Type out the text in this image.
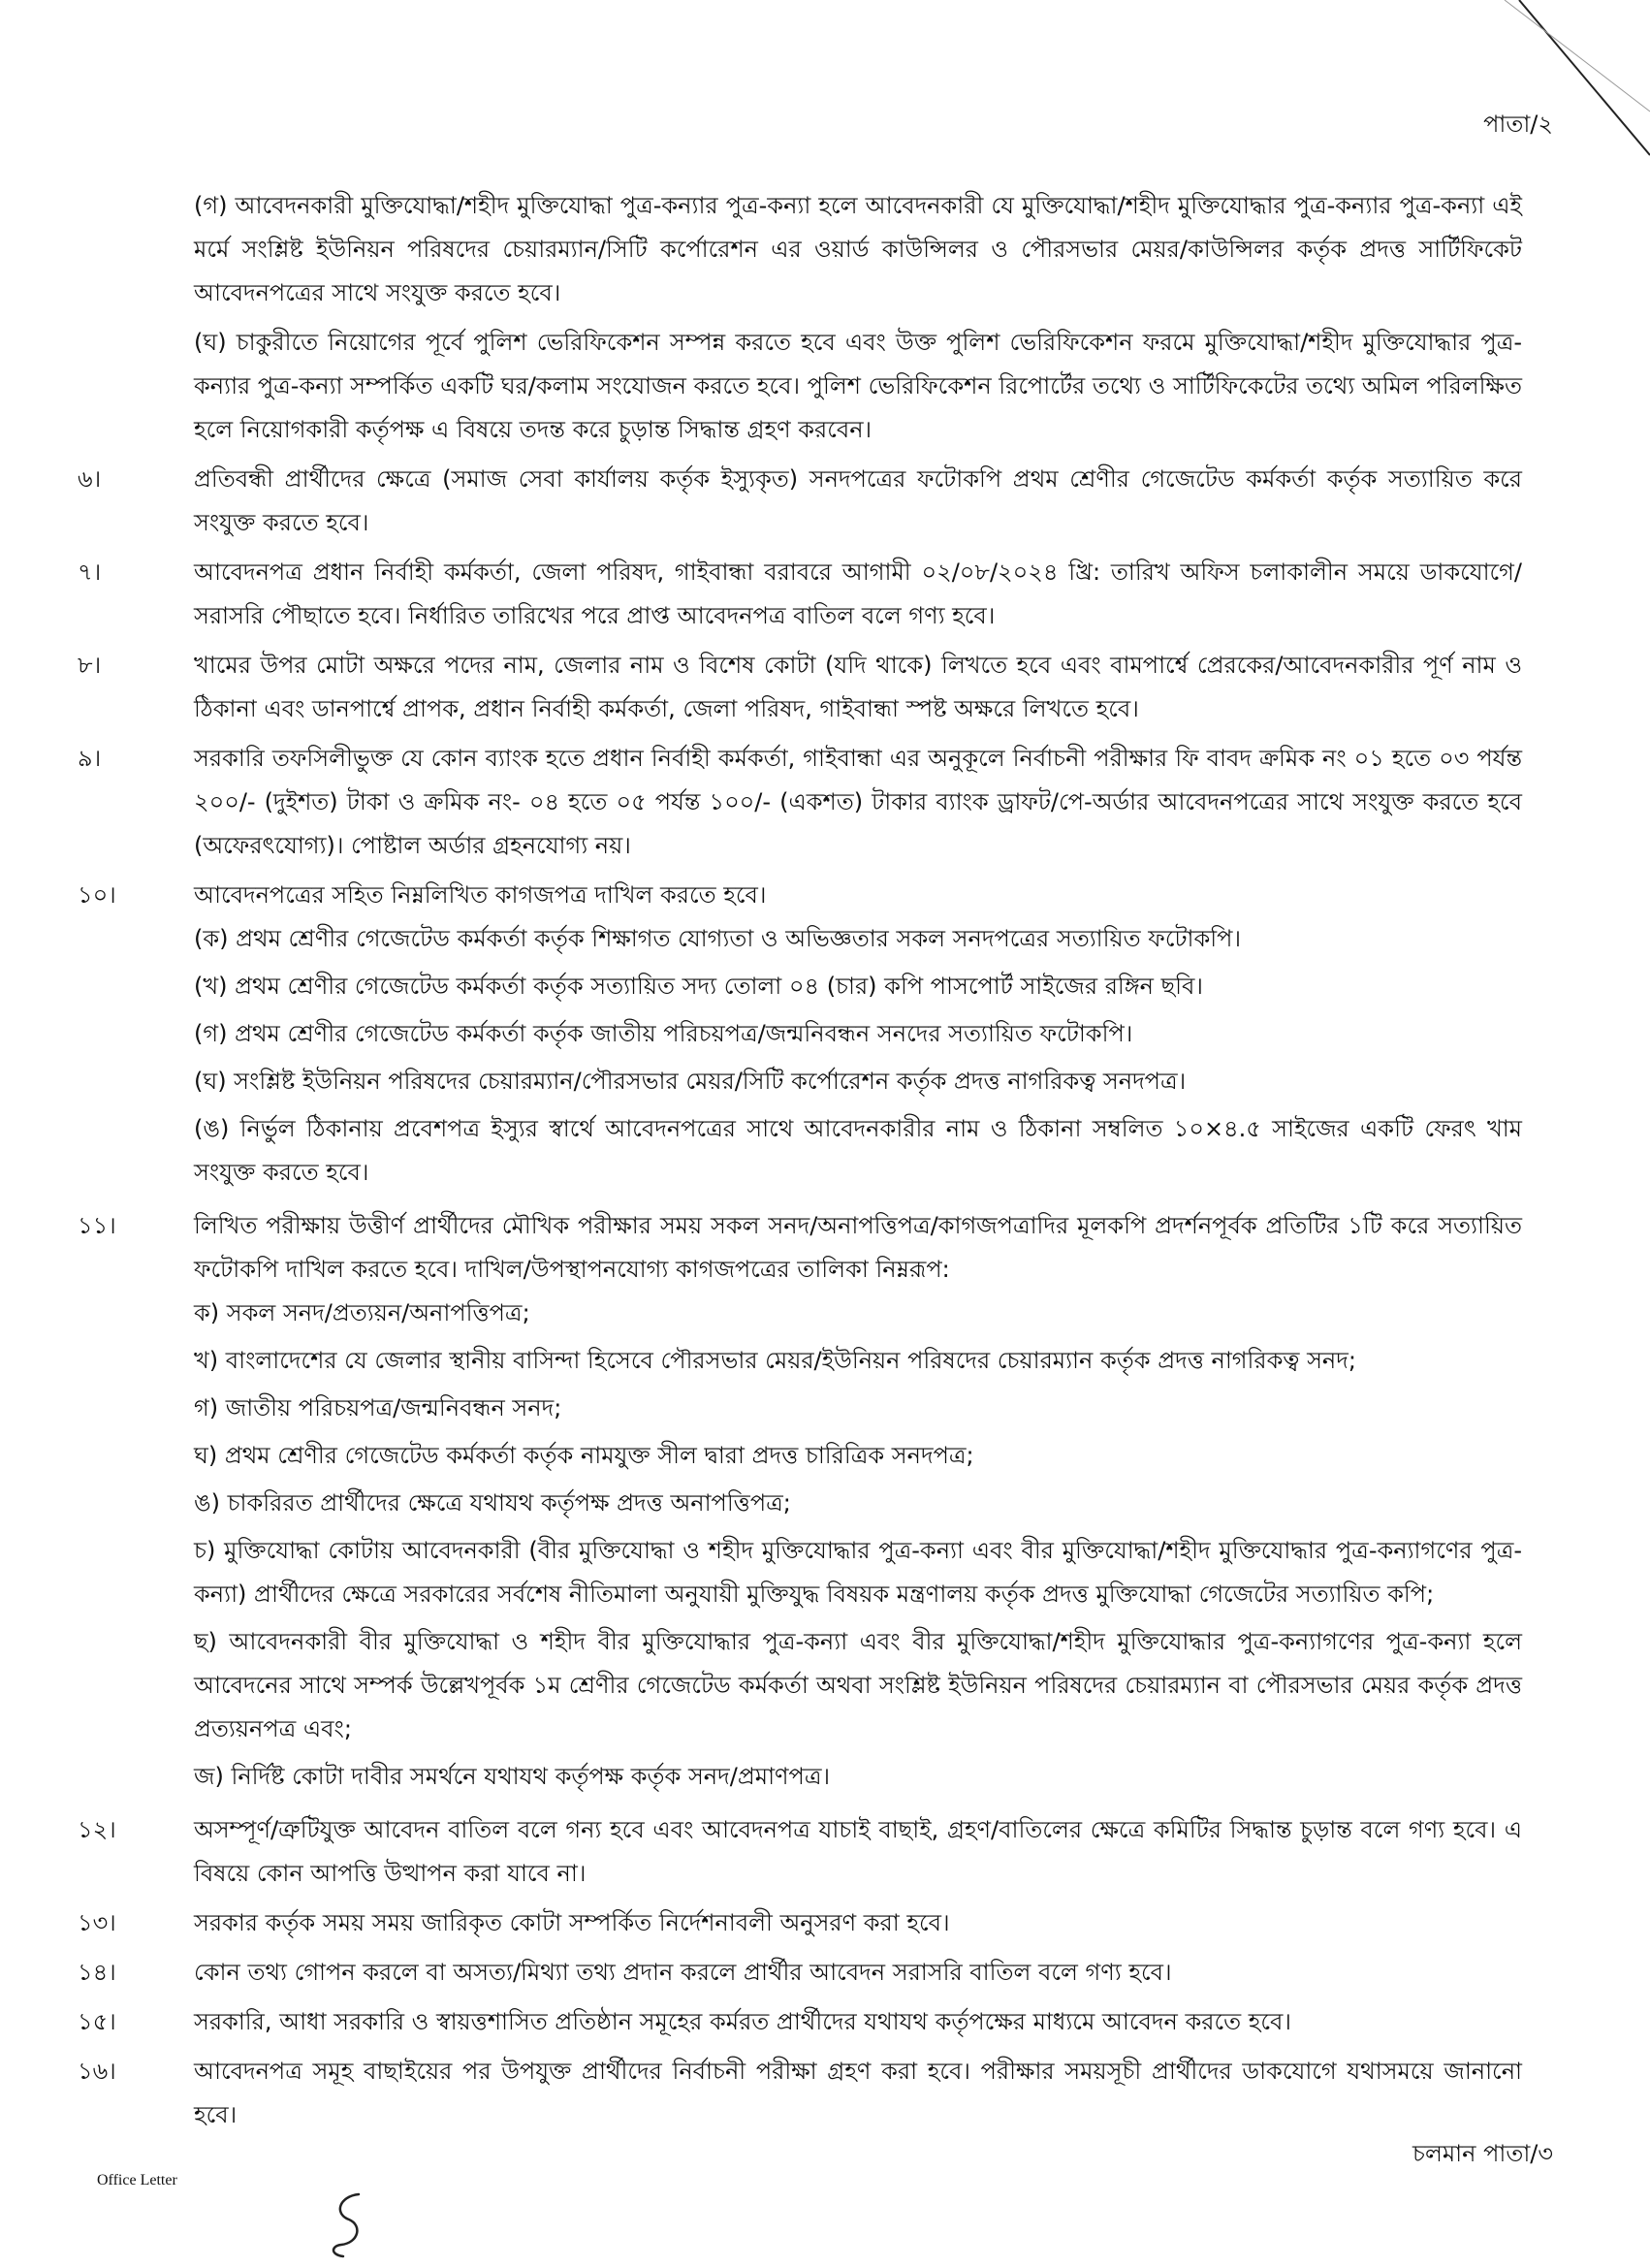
পাতা/২
(গ) আবেদনকারী মুক্তিযোদ্ধা/শহীদ মুক্তিযোদ্ধা পুত্র-কন্যার পুত্র-কন্যা হলে আবেদনকারী যে মুক্তিযোদ্ধা/শহীদ মুক্তিযোদ্ধার পুত্র-কন্যার পুত্র-কন্যা এই মর্মে সংশ্লিষ্ট ইউনিয়ন পরিষদের চেয়ারম্যান/সিটি কর্পোরেশন এর ওয়ার্ড কাউন্সিলর ও পৌরসভার মেয়র/কাউন্সিলর কর্তৃক প্রদত্ত সার্টিফিকেট আবেদনপত্রের সাথে সংযুক্ত করতে হবে।
(ঘ) চাকুরীতে নিয়োগের পূর্বে পুলিশ ভেরিফিকেশন সম্পন্ন করতে হবে এবং উক্ত পুলিশ ভেরিফিকেশন ফরমে মুক্তিযোদ্ধা/শহীদ মুক্তিযোদ্ধার পুত্র- কন্যার পুত্র-কন্যা সম্পর্কিত একটি ঘর/কলাম সংযোজন করতে হবে। পুলিশ ভেরিফিকেশন রিপোর্টের তথ্যে ও সার্টিফিকেটের তথ্যে অমিল পরিলক্ষিত হলে নিয়োগকারী কর্তৃপক্ষ এ বিষয়ে তদন্ত করে চুড়ান্ত সিদ্ধান্ত গ্রহণ করবেন।
৬।	প্রতিবন্ধী প্রার্থীদের ক্ষেত্রে (সমাজ সেবা কার্যালয় কর্তৃক ইস্যুকৃত) সনদপত্রের ফটোকপি প্রথম শ্রেণীর গেজেটেড কর্মকর্তা কর্তৃক সত্যায়িত করে সংযুক্ত করতে হবে।
৭।	আবেদনপত্র প্রধান নির্বাহী কর্মকর্তা, জেলা পরিষদ, গাইবান্ধা বরাবরে আগামী ০২/০৮/২০২৪ খ্রি: তারিখ অফিস চলাকালীন সময়ে ডাকযোগে/সরাসরি পৌছাতে হবে। নির্ধারিত তারিখের পরে প্রাপ্ত আবেদনপত্র বাতিল বলে গণ্য হবে।
৮।	খামের উপর মোটা অক্ষরে পদের নাম, জেলার নাম ও বিশেষ কোটা (যদি থাকে) লিখতে হবে এবং বামপার্শ্বে প্রেরকের/আবেদনকারীর পূর্ণ নাম ও ঠিকানা এবং ডানপার্শ্বে প্রাপক, প্রধান নির্বাহী কর্মকর্তা, জেলা পরিষদ, গাইবান্ধা স্পষ্ট অক্ষরে লিখতে হবে।
৯।	সরকারি তফসিলীভুক্ত যে কোন ব্যাংক হতে প্রধান নির্বাহী কর্মকর্তা, গাইবান্ধা এর অনুকূলে নির্বাচনী পরীক্ষার ফি বাবদ ক্রমিক নং ০১ হতে ০৩ পর্যন্ত ২০০/- (দুইশত) টাকা ও ক্রমিক নং- ০৪ হতে ০৫ পর্যন্ত ১০০/- (একশত) টাকার ব্যাংক ড্রাফট/পে-অর্ডার আবেদনপত্রের সাথে সংযুক্ত করতে হবে (অফেরৎযোগ্য)। পোষ্টাল অর্ডার গ্রহনযোগ্য নয়।
১০।	আবেদনপত্রের সহিত নিম্নলিখিত কাগজপত্র দাখিল করতে হবে।
(ক) প্রথম শ্রেণীর গেজেটেড কর্মকর্তা কর্তৃক শিক্ষাগত যোগ্যতা ও অভিজ্ঞতার সকল সনদপত্রের সত্যায়িত ফটোকপি।
(খ) প্রথম শ্রেণীর গেজেটেড কর্মকর্তা কর্তৃক সত্যায়িত সদ্য তোলা ০৪ (চার) কপি পাসপোর্ট সাইজের রঙ্গিন ছবি।
(গ) প্রথম শ্রেণীর গেজেটেড কর্মকর্তা কর্তৃক জাতীয় পরিচয়পত্র/জন্মনিবন্ধন সনদের সত্যায়িত ফটোকপি।
(ঘ) সংশ্লিষ্ট ইউনিয়ন পরিষদের চেয়ারম্যান/পৌরসভার মেয়র/সিটি কর্পোরেশন কর্তৃক প্রদত্ত নাগরিকত্ব সনদপত্র।
(ঙ) নির্ভুল ঠিকানায় প্রবেশপত্র ইস্যুর স্বার্থে আবেদনপত্রের সাথে আবেদনকারীর নাম ও ঠিকানা সম্বলিত ১০×৪.৫ সাইজের একটি ফেরৎ খাম সংযুক্ত করতে হবে।
১১।	লিখিত পরীক্ষায় উত্তীর্ণ প্রার্থীদের মৌখিক পরীক্ষার সময় সকল সনদ/অনাপত্তিপত্র/কাগজপত্রাদির মূলকপি প্রদর্শনপূর্বক প্রতিটির ১টি করে সত্যায়িত ফটোকপি দাখিল করতে হবে। দাখিল/উপস্থাপনযোগ্য কাগজপত্রের তালিকা নিম্নরূপ:
ক) সকল সনদ/প্রত্যয়ন/অনাপত্তিপত্র;
খ) বাংলাদেশের যে জেলার স্থানীয় বাসিন্দা হিসেবে পৌরসভার মেয়র/ইউনিয়ন পরিষদের চেয়ারম্যান কর্তৃক প্রদত্ত নাগরিকত্ব সনদ;
গ) জাতীয় পরিচয়পত্র/জন্মনিবন্ধন সনদ;
ঘ) প্রথম শ্রেণীর গেজেটেড কর্মকর্তা কর্তৃক নামযুক্ত সীল দ্বারা প্রদত্ত চারিত্রিক সনদপত্র;
ঙ) চাকরিরত প্রার্থীদের ক্ষেত্রে যথাযথ কর্তৃপক্ষ প্রদত্ত অনাপত্তিপত্র;
চ) মুক্তিযোদ্ধা কোটায় আবেদনকারী (বীর মুক্তিযোদ্ধা ও শহীদ মুক্তিযোদ্ধার পুত্র-কন্যা এবং বীর মুক্তিযোদ্ধা/শহীদ মুক্তিযোদ্ধার পুত্র-কন্যাগণের পুত্র-কন্যা) প্রার্থীদের ক্ষেত্রে সরকারের সর্বশেষ নীতিমালা অনুযায়ী মুক্তিযুদ্ধ বিষয়ক মন্ত্রণালয় কর্তৃক প্রদত্ত মুক্তিযোদ্ধা গেজেটের সত্যায়িত কপি;
ছ) আবেদনকারী বীর মুক্তিযোদ্ধা ও শহীদ বীর মুক্তিযোদ্ধার পুত্র-কন্যা এবং বীর মুক্তিযোদ্ধা/শহীদ মুক্তিযোদ্ধার পুত্র-কন্যাগণের পুত্র-কন্যা হলে আবেদনের সাথে সম্পর্ক উল্লেখপূর্বক ১ম শ্রেণীর গেজেটেড কর্মকর্তা অথবা সংশ্লিষ্ট ইউনিয়ন পরিষদের চেয়ারম্যান বা পৌরসভার মেয়র কর্তৃক প্রদত্ত প্রত্যয়নপত্র এবং;
জ) নির্দিষ্ট কোটা দাবীর সমর্থনে যথাযথ কর্তৃপক্ষ কর্তৃক সনদ/প্রমাণপত্র।
১২।	অসম্পূর্ণ/ত্রুটিযুক্ত আবেদন বাতিল বলে গন্য হবে এবং আবেদনপত্র যাচাই বাছাই, গ্রহণ/বাতিলের ক্ষেত্রে কমিটির সিদ্ধান্ত চুড়ান্ত বলে গণ্য হবে। এ বিষয়ে কোন আপত্তি উত্থাপন করা যাবে না।
১৩।	সরকার কর্তৃক সময় সময় জারিকৃত কোটা সম্পর্কিত নির্দেশনাবলী অনুসরণ করা হবে।
১৪।	কোন তথ্য গোপন করলে বা অসত্য/মিথ্যা তথ্য প্রদান করলে প্রার্থীর আবেদন সরাসরি বাতিল বলে গণ্য হবে।
১৫।	সরকারি, আধা সরকারি ও স্বায়ত্তশাসিত প্রতিষ্ঠান সমূহের কর্মরত প্রার্থীদের যথাযথ কর্তৃপক্ষের মাধ্যমে আবেদন করতে হবে।
১৬।	আবেদনপত্র সমূহ বাছাইয়ের পর উপযুক্ত প্রার্থীদের নির্বাচনী পরীক্ষা গ্রহণ করা হবে। পরীক্ষার সময়সূচী প্রার্থীদের ডাকযোগে যথাসময়ে জানানো হবে।
চলমান পাতা/৩
Office Letter
